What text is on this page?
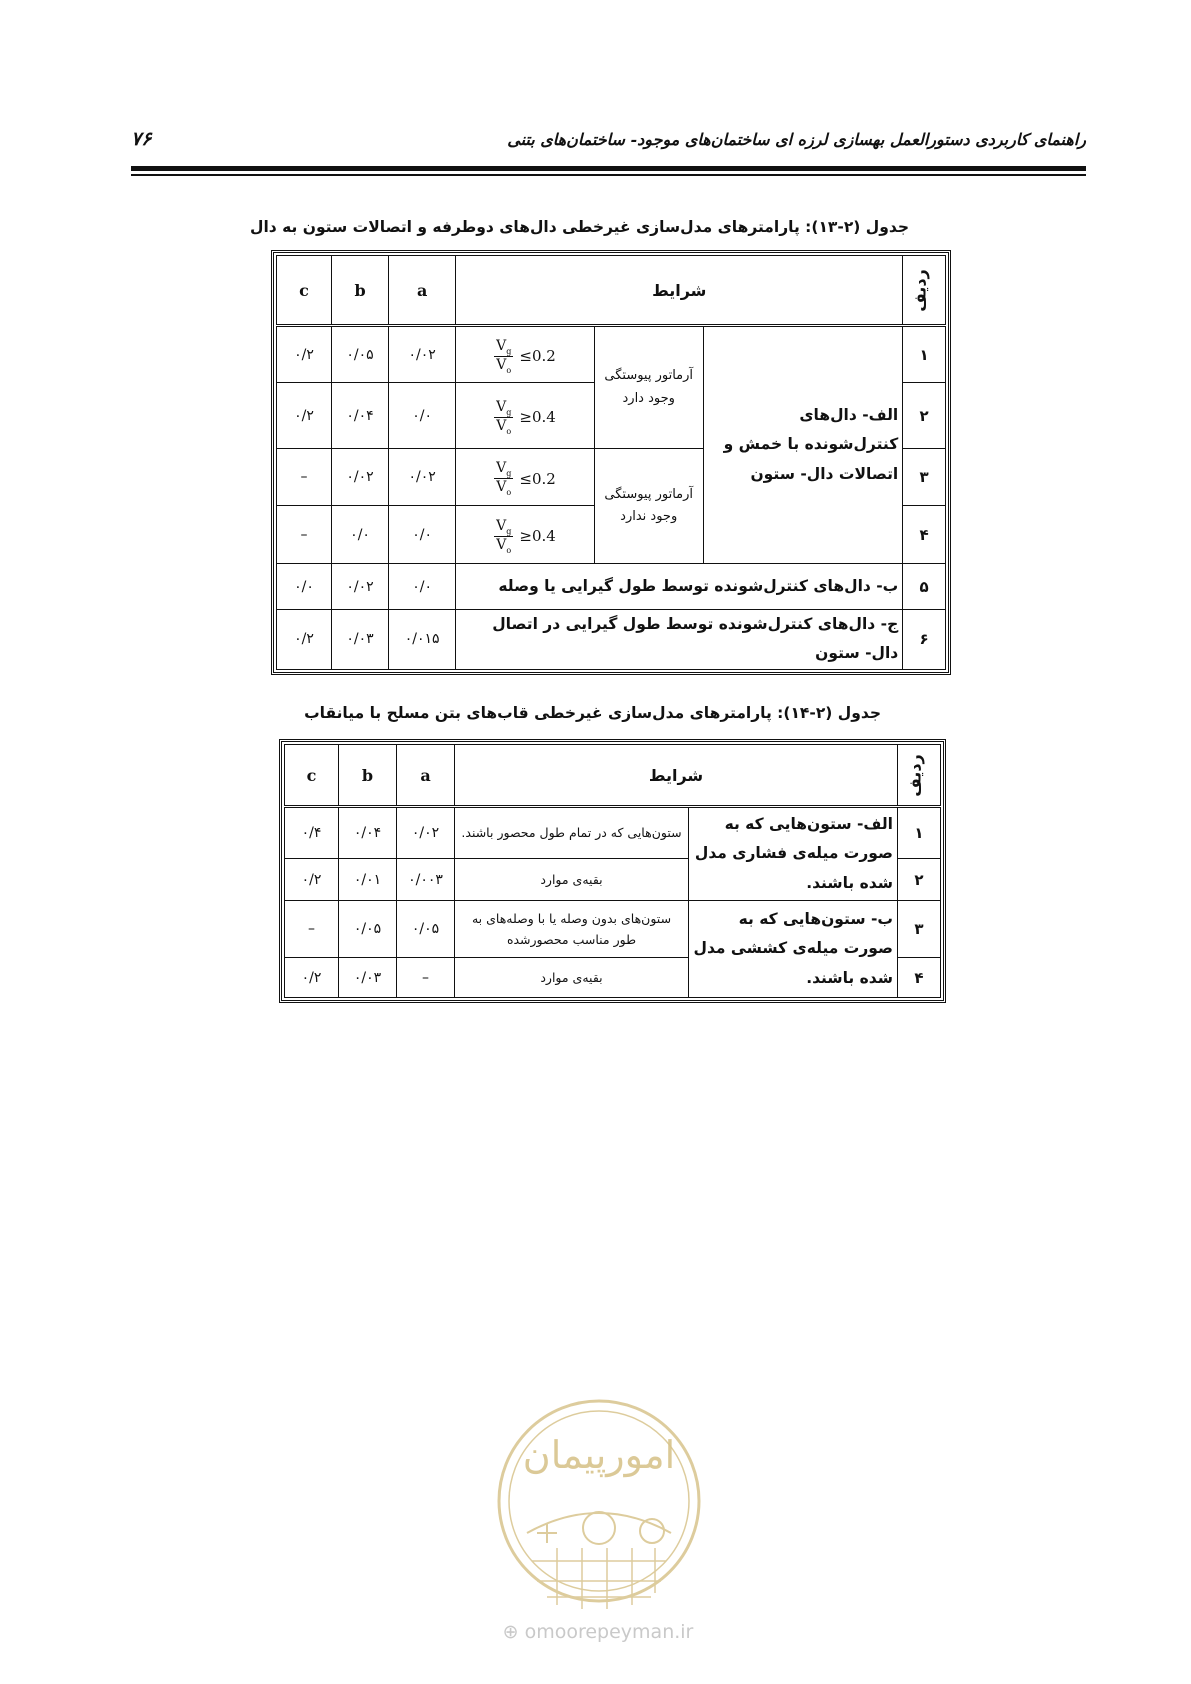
۷۶	راهنمای کاربردی دستورالعمل بهسازی لرزه ای ساختمان‌های موجود- ساختمان‌های بتنی
جدول (۲-۱۳): پارامترهای مدل‌سازی غیرخطی دال‌های دوطرفه و اتصالات ستون به دال
ردیف	شرایط			a	b	c
۱	الف- دال‌های کنترل‌شونده با خمش و اتصالات دال- ستون	آرماتور پیوستگی وجود دارد	$\frac{V_g}{V_o} \le 0.2$	۰/۰۲	۰/۰۵	۰/۲
۲			$\frac{V_g}{V_o} \ge 0.4$	۰/۰	۰/۰۴	۰/۲
۳		آرماتور پیوستگی وجود ندارد	$\frac{V_g}{V_o} \le 0.2$	۰/۰۲	۰/۰۲	–
۴			$\frac{V_g}{V_o} \ge 0.4$	۰/۰	۰/۰	–
۵	ب- دال‌های کنترل‌شونده توسط طول گیرایی یا وصله			۰/۰	۰/۰۲	۰/۰
۶	ج- دال‌های کنترل‌شونده توسط طول گیرایی در اتصال دال- ستون			۰/۰۱۵	۰/۰۳	۰/۲
جدول (۲-۱۴): پارامترهای مدل‌سازی غیرخطی قاب‌های بتن مسلح با میانقاب
ردیف	شرایط		a	b	c
۱	الف- ستون‌هایی که به صورت میله‌ی فشاری مدل شده باشند.	ستون‌هایی که در تمام طول محصور باشند.	۰/۰۲	۰/۰۴	۰/۴
۲		بقیه‌ی موارد	۰/۰۰۳	۰/۰۱	۰/۲
۳	ب- ستون‌هایی که به صورت میله‌ی کششی مدل شده باشند.	ستون‌های بدون وصله یا با وصله‌های به طور مناسب محصورشده	۰/۰۵	۰/۰۵	–
۴		بقیه‌ی موارد	–	۰/۰۳	۰/۲
امورپیمان
⊕ omoorepeyman.ir
